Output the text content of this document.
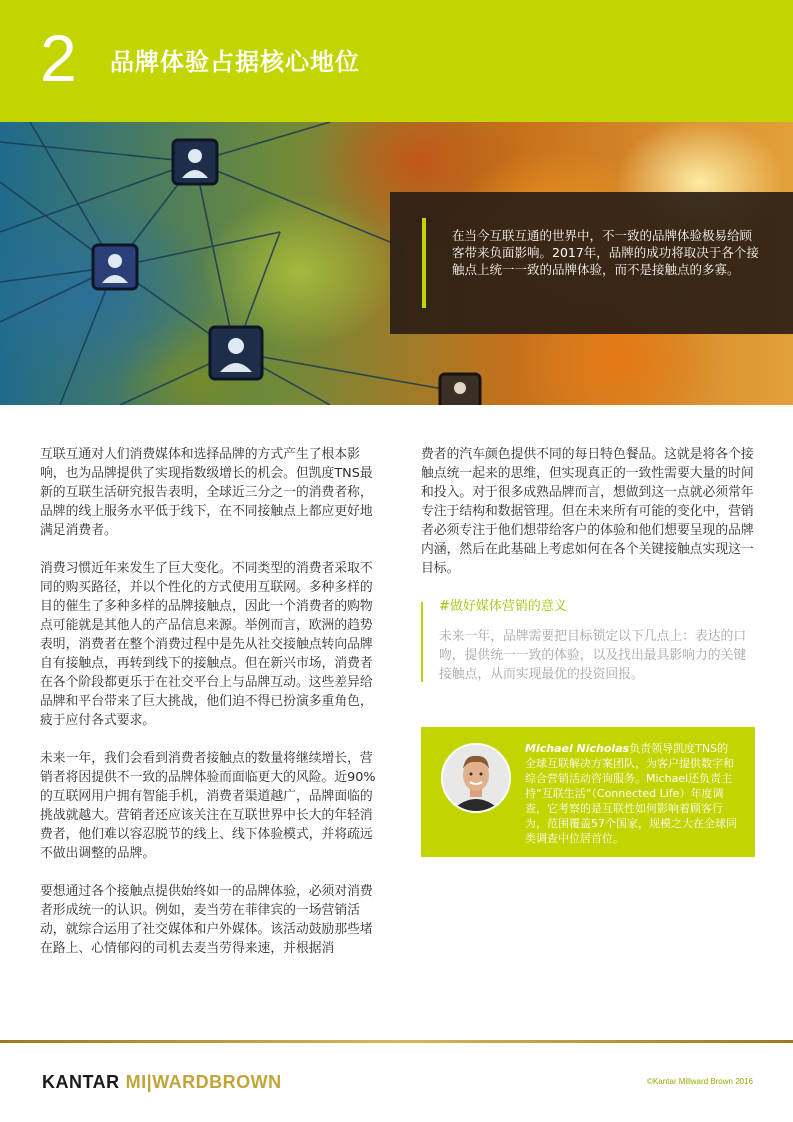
2 品牌体验占据核心地位
在当今互联互通的世界中，不一致的品牌体验极易给顾客带来负面影响。2017年，品牌的成功将取决于各个接触点上统一一致的品牌体验，而不是接触点的多寡。

互联互通对人们消费媒体和选择品牌的方式产生了根本影响，也为品牌提供了实现指数级增长的机会。但凯度TNS最新的互联生活研究报告表明，全球近三分之一的消费者称，品牌的线上服务水平低于线下，在不同接触点上都应更好地满足消费者。

消费习惯近年来发生了巨大变化。不同类型的消费者采取不同的购买路径，并以个性化的方式使用互联网。多种多样的目的催生了多种多样的品牌接触点，因此一个消费者的购物点可能就是其他人的产品信息来源。举例而言，欧洲的趋势表明，消费者在整个消费过程中是先从社交接触点转向品牌自有接触点，再转到线下的接触点。但在新兴市场，消费者在各个阶段都更乐于在社交平台上与品牌互动。这些差异给品牌和平台带来了巨大挑战，他们迫不得已扮演多重角色，疲于应付各式要求。

未来一年，我们会看到消费者接触点的数量将继续增长，营销者将因提供不一致的品牌体验而面临更大的风险。近90%的互联网用户拥有智能手机，消费者渠道越广，品牌面临的挑战就越大。营销者还应该关注在互联世界中长大的年轻消费者，他们难以容忍脱节的线上、线下体验模式，并将疏远不做出调整的品牌。

要想通过各个接触点提供始终如一的品牌体验，必须对消费者形成统一的认识。例如，麦当劳在菲律宾的一场营销活动，就综合运用了社交媒体和户外媒体。该活动鼓励那些堵在路上、心情郁闷的司机去麦当劳得来速，并根据消

费者的汽车颜色提供不同的每日特色餐品。这就是将各个接触点统一起来的思维，但实现真正的一致性需要大量的时间和投入。对于很多成熟品牌而言，想做到这一点就必须常年专注于结构和数据管理。但在未来所有可能的变化中，营销者必须专注于他们想带给客户的体验和他们想要呈现的品牌内涵，然后在此基础上考虑如何在各个关键接触点实现这一目标。

#做好媒体营销的意义
未来一年，品牌需要把目标锁定以下几点上：表达的口吻，提供统一一致的体验，以及找出最具影响力的关键接触点，从而实现最优的投资回报。
Michael Nicholas负责领导凯度TNS的全球互联解决方案团队，为客户提供数字和综合营销活动咨询服务。Michael还负责主持“互联生活”（Connected Life）年度调查，它考察的是互联性如何影响着顾客行为，范围覆盖57个国家，规模之大在全球同类调查中位居首位。
KANTAR MI|WARDBROWN	©Kantar Millward Brown 2016
